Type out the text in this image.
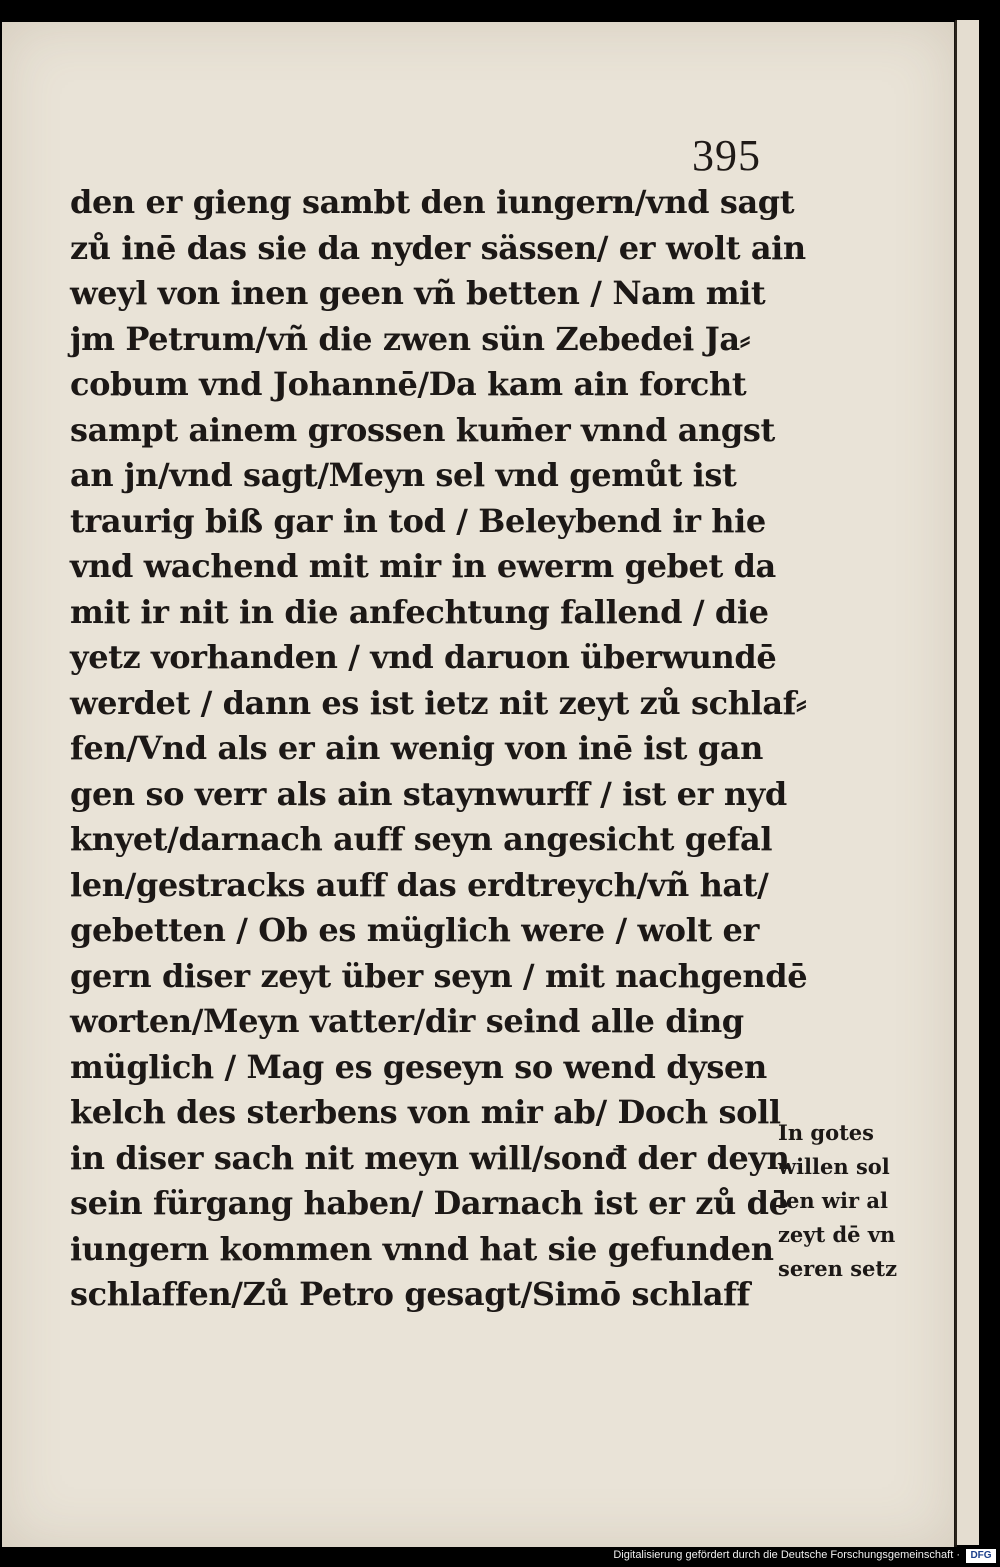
395
den er gieng sambt den iungern/vnd sagt
zů inē das sie da nyder sässen/ er wolt ain
weyl von inen geen vñ betten / Nam mit
jm Petrum/vñ die zwen sün Zebedei Ja⸗
cobum vnd Johannē/Da kam ain forcht
sampt ainem grossen kum̄er vnnd angst
an jn/vnd sagt/Meyn sel vnd gemůt ist
traurig biß gar in tod / Beleybend ir hie
vnd wachend mit mir in ewerm gebet da
mit ir nit in die anfechtung fallend / die
yetz vorhanden / vnd daruon überwundē
werdet / dann es ist ietz nit zeyt zů schlaf⸗
fen/Vnd als er ain wenig von inē ist gan
gen so verr als ain staynwurff / ist er nyd
knyet/darnach auff seyn angesicht gefal
len/gestracks auff das erdtreych/vñ hat/
gebetten / Ob es müglich were / wolt er
gern diser zeyt über seyn / mit nachgendē
worten/Meyn vatter/dir seind alle ding
müglich / Mag es geseyn so wend dysen
kelch des sterbens von mir ab/ Doch soll
in diser sach nit meyn will/sonđ der deyn
sein fürgang haben/ Darnach ist er zů dē
iungern kommen vnnd hat sie gefunden
schlaffen/Zů Petro gesagt/Simō schlaff
In gotes
willen sol
len wir al
zeyt dē vn
seren setz
Digitalisierung gefördert durch die Deutsche Forschungsgemeinschaft ·	DFG
